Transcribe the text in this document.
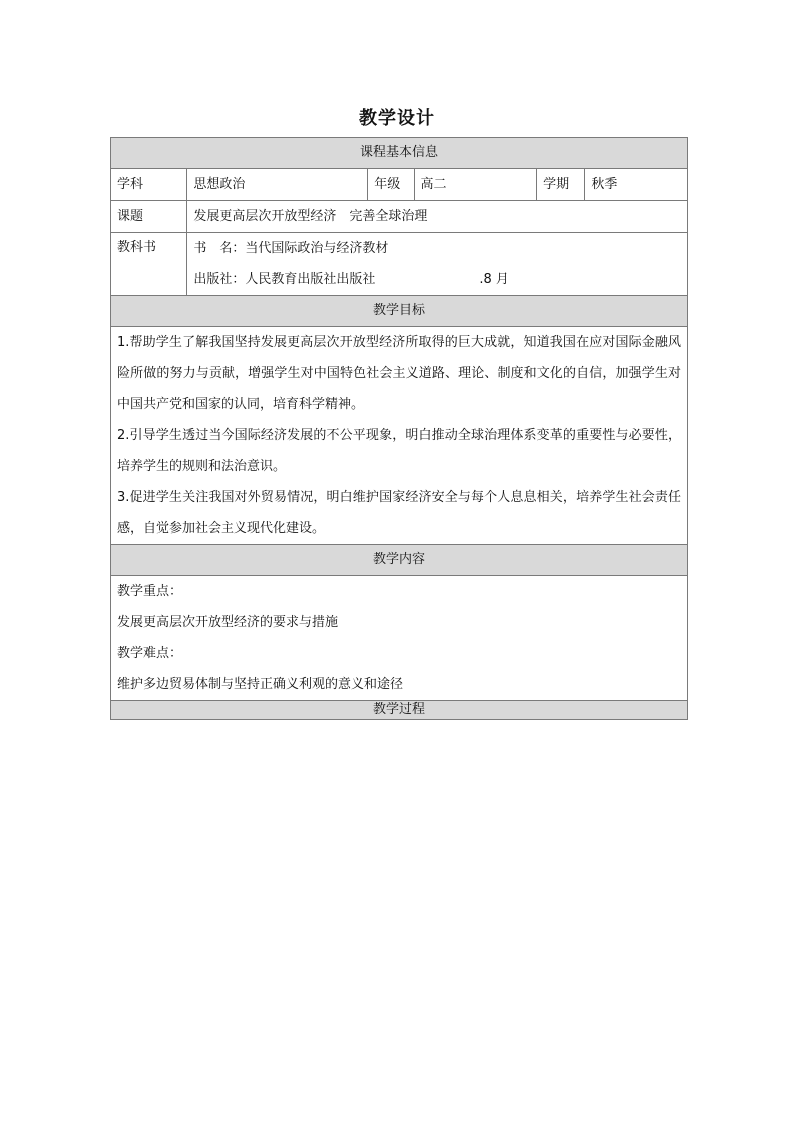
教学设计
课程基本信息					
学科	思想政治	年级	高二	学期	秋季
课题	发展更高层次开放型经济　完善全球治理				
教科书	书　名：当代国际政治与经济教材
出版社：人民教育出版社出版社 .8 月				

教学目标					

1.帮助学生了解我国坚持发展更高层次开放型经济所取得的巨大成就，知道我国在应对国际金融风险所做的努力与贡献，增强学生对中国特色社会主义道路、理论、制度和文化的自信，加强学生对中国共产党和国家的认同，培育科学精神。
2.引导学生透过当今国际经济发展的不公平现象，明白推动全球治理体系变革的重要性与必要性，培养学生的规则和法治意识。
3.促进学生关注我国对外贸易情况，明白维护国家经济安全与每个人息息相关，培养学生社会责任感，自觉参加社会主义现代化建设。					

教学内容					

教学重点：
发展更高层次开放型经济的要求与措施
教学难点：
维护多边贸易体制与坚持正确义利观的意义和途径					

教学过程					
